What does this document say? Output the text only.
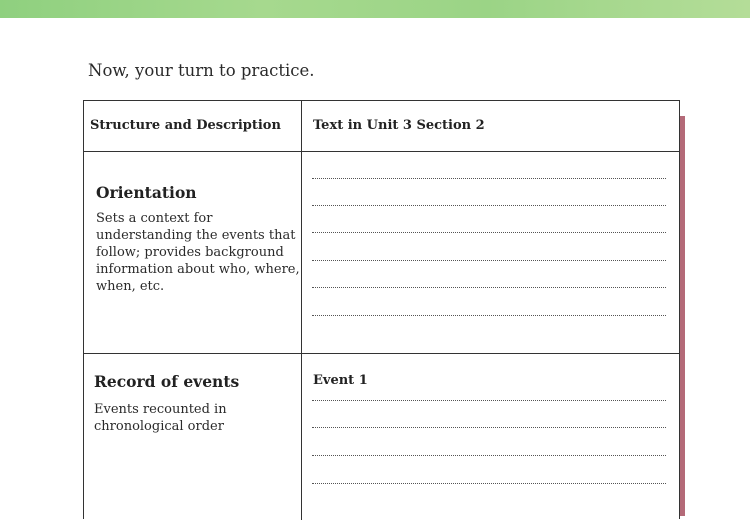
Now, your turn to practice.
Structure and Description Text in Unit 3 Section 2
Orientation
Sets a context for understanding the events that follow; provides background information about who, where, when, etc.
Record of events
Events recounted in chronological order
Event 1
